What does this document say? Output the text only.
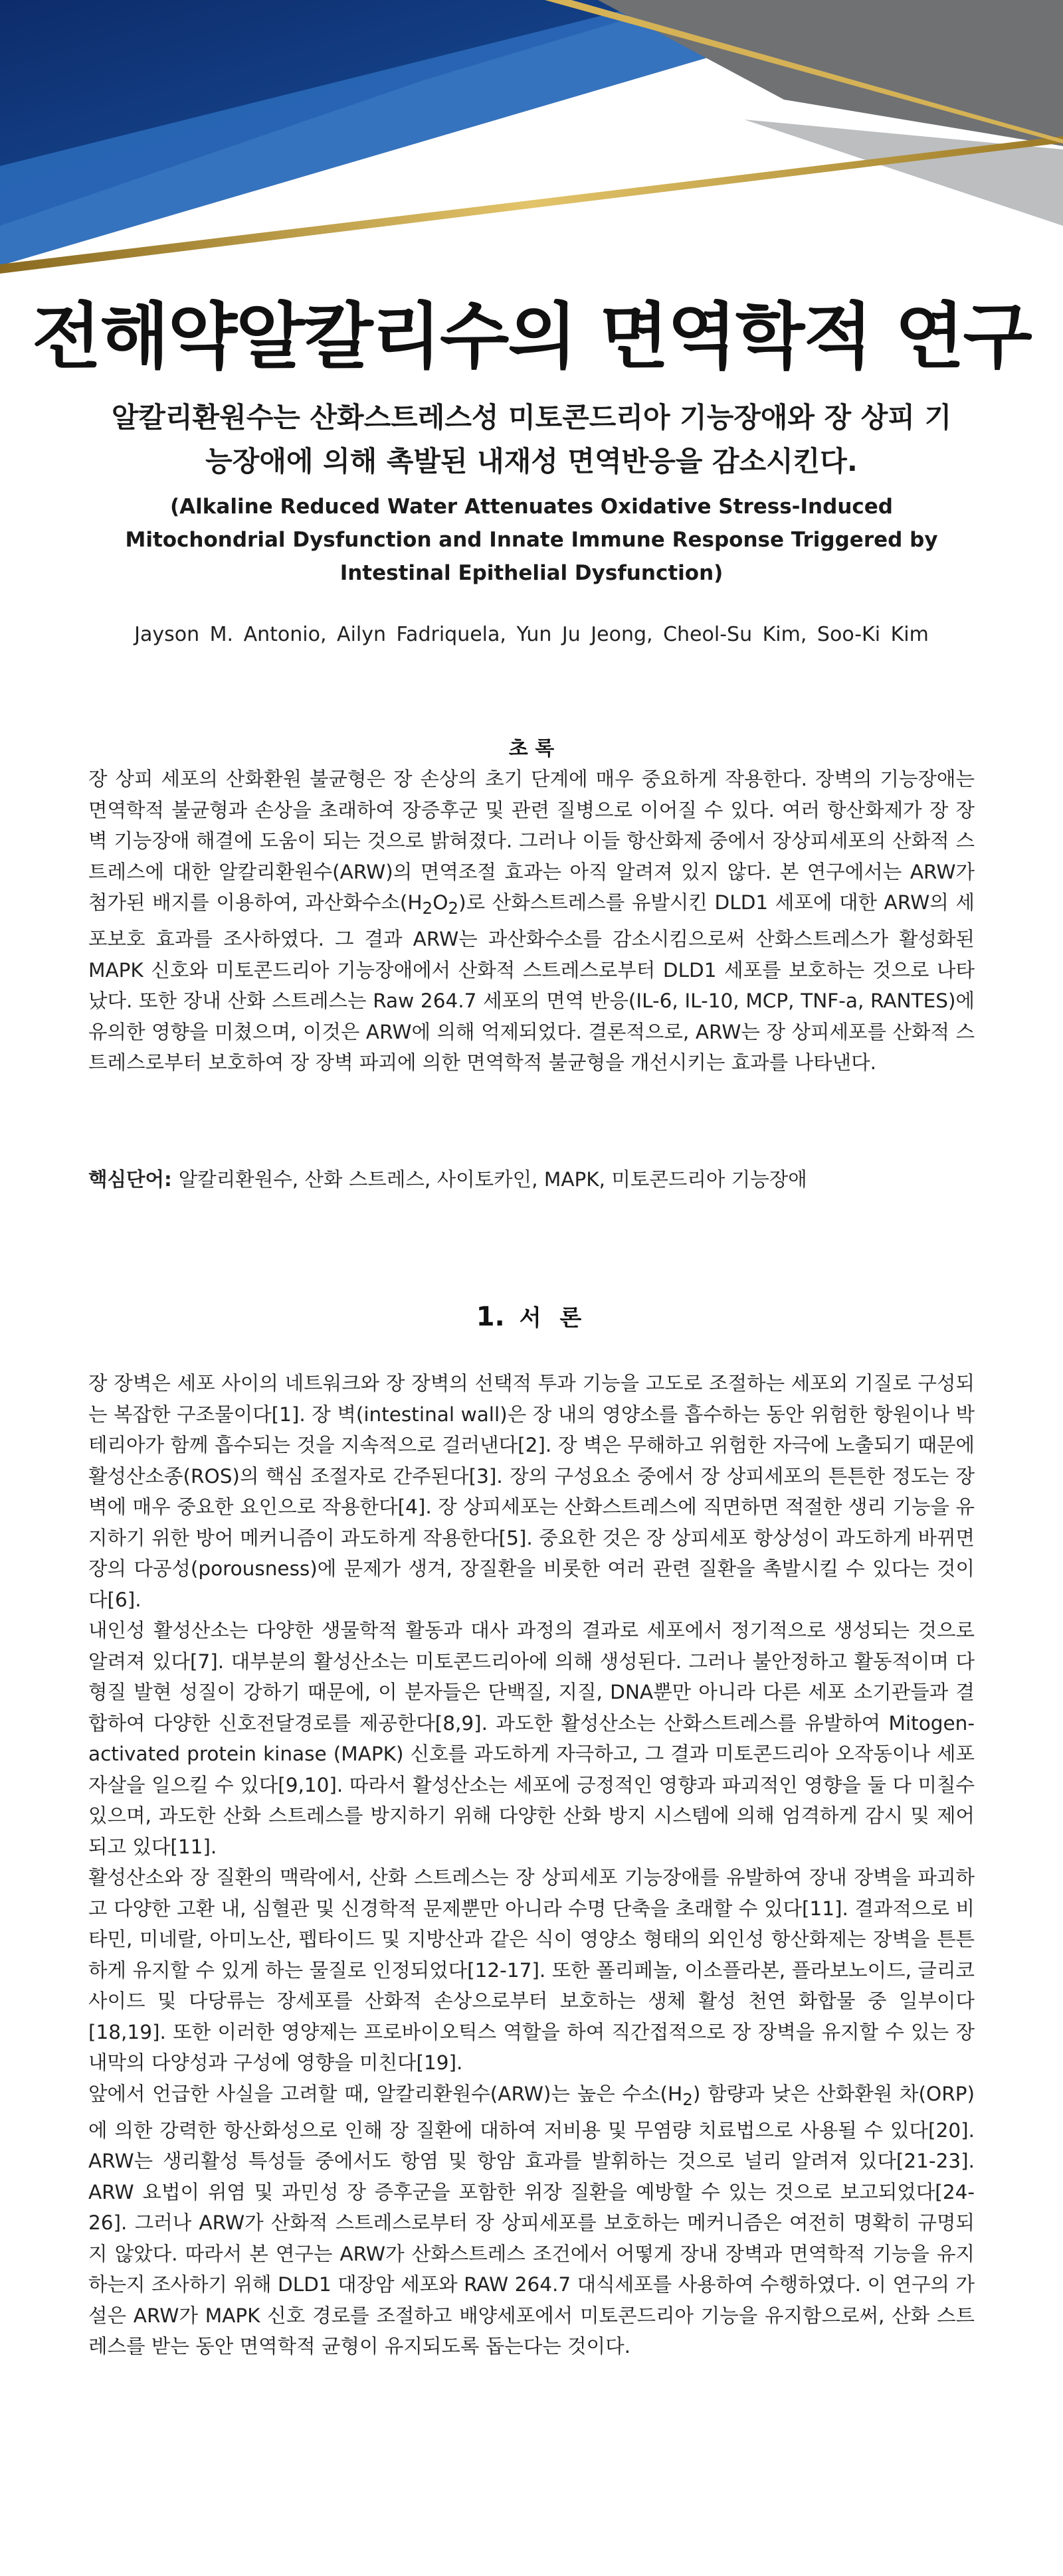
전해약알칼리수의 면역학적 연구
알칼리환원수는 산화스트레스성 미토콘드리아 기능장애와 장 상피 기능장애에 의해 촉발된 내재성 면역반응을 감소시킨다.
(Alkaline Reduced Water Attenuates Oxidative Stress-Induced Mitochondrial Dysfunction and Innate Immune Response Triggered by Intestinal Epithelial Dysfunction)

Jayson M. Antonio, Ailyn Fadriquela, Yun Ju Jeong, Cheol-Su Kim, Soo-Ki Kim

초 록

장 상피 세포의 산화환원 불균형은 장 손상의 초기 단계에 매우 중요하게 작용한다. 장벽의 기능장애는 면역학적 불균형과 손상을 초래하여 장증후군 및 관련 질병으로 이어질 수 있다. 여러 항산화제가 장 장벽 기능장애 해결에 도움이 되는 것으로 밝혀졌다. 그러나 이들 항산화제 중에서 장상피세포의 산화적 스트레스에 대한 알칼리환원수(ARW)의 면역조절 효과는 아직 알려져 있지 않다. 본 연구에서는 ARW가 첨가된 배지를 이용하여, 과산화수소$(H_2O_2)$로 산화스트레스를 유발시킨 DLD1 세포에 대한 ARW의 세포보호 효과를 조사하였다. 그 결과 ARW는 과산화수소를 감소시킴으로써 산화스트레스가 활성화된 MAPK 신호와 미토콘드리아 기능장애에서 산화적 스트레스로부터 DLD1 세포를 보호하는 것으로 나타났다. 또한 장내 산화 스트레스는 Raw 264.7 세포의 면역 반응(IL-6, IL-10, MCP, TNF-a, RANTES)에 유의한 영향을 미쳤으며, 이것은 ARW에 의해 억제되었다. 결론적으로, ARW는 장 상피세포를 산화적 스트레스로부터 보호하여 장 장벽 파괴에 의한 면역학적 불균형을 개선시키는 효과를 나타낸다.

핵심단어: 알칼리환원수, 산화 스트레스, 사이토카인, MAPK, 미토콘드리아 기능장애

1. 서 론

장 장벽은 세포 사이의 네트워크와 장 장벽의 선택적 투과 기능을 고도로 조절하는 세포외 기질로 구성되는 복잡한 구조물이다[1]. 장 벽(intestinal wall)은 장 내의 영양소를 흡수하는 동안 위험한 항원이나 박테리아가 함께 흡수되는 것을 지속적으로 걸러낸다[2]. 장 벽은 무해하고 위험한 자극에 노출되기 때문에 활성산소종(ROS)의 핵심 조절자로 간주된다[3]. 장의 구성요소 중에서 장 상피세포의 튼튼한 정도는 장벽에 매우 중요한 요인으로 작용한다[4]. 장 상피세포는 산화스트레스에 직면하면 적절한 생리 기능을 유지하기 위한 방어 메커니즘이 과도하게 작용한다[5]. 중요한 것은 장 상피세포 항상성이 과도하게 바뀌면 장의 다공성(porousness)에 문제가 생겨, 장질환을 비롯한 여러 관련 질환을 촉발시킬 수 있다는 것이다[6].

내인성 활성산소는 다양한 생물학적 활동과 대사 과정의 결과로 세포에서 정기적으로 생성되는 것으로 알려져 있다[7]. 대부분의 활성산소는 미토콘드리아에 의해 생성된다. 그러나 불안정하고 활동적이며 다형질 발현 성질이 강하기 때문에, 이 분자들은 단백질, 지질, DNA뿐만 아니라 다른 세포 소기관들과 결합하여 다양한 신호전달경로를 제공한다[8,9]. 과도한 활성산소는 산화스트레스를 유발하여 Mitogen-activated protein kinase (MAPK) 신호를 과도하게 자극하고, 그 결과 미토콘드리아 오작동이나 세포자살을 일으킬 수 있다[9,10]. 따라서 활성산소는 세포에 긍정적인 영향과 파괴적인 영향을 둘 다 미칠수 있으며, 과도한 산화 스트레스를 방지하기 위해 다양한 산화 방지 시스템에 의해 엄격하게 감시 및 제어되고 있다[11].

활성산소와 장 질환의 맥락에서, 산화 스트레스는 장 상피세포 기능장애를 유발하여 장내 장벽을 파괴하고 다양한 고환 내, 심혈관 및 신경학적 문제뿐만 아니라 수명 단축을 초래할 수 있다[11]. 결과적으로 비타민, 미네랄, 아미노산, 펩타이드 및 지방산과 같은 식이 영양소 형태의 외인성 항산화제는 장벽을 튼튼하게 유지할 수 있게 하는 물질로 인정되었다[12-17]. 또한 폴리페놀, 이소플라본, 플라보노이드, 글리코사이드 및 다당류는 장세포를 산화적 손상으로부터 보호하는 생체 활성 천연 화합물 중 일부이다[18,19]. 또한 이러한 영양제는 프로바이오틱스 역할을 하여 직간접적으로 장 장벽을 유지할 수 있는 장 내막의 다양성과 구성에 영향을 미친다[19].

앞에서 언급한 사실을 고려할 때, 알칼리환원수(ARW)는 높은 수소$(H_2)$ 함량과 낮은 산화환원 차(ORP)에 의한 강력한 항산화성으로 인해 장 질환에 대하여 저비용 및 무염량 치료법으로 사용될 수 있다[20]. ARW는 생리활성 특성들 중에서도 항염 및 항암 효과를 발휘하는 것으로 널리 알려져 있다[21-23]. ARW 요법이 위염 및 과민성 장 증후군을 포함한 위장 질환을 예방할 수 있는 것으로 보고되었다[24-26]. 그러나 ARW가 산화적 스트레스로부터 장 상피세포를 보호하는 메커니즘은 여전히 명확히 규명되지 않았다. 따라서 본 연구는 ARW가 산화스트레스 조건에서 어떻게 장내 장벽과 면역학적 기능을 유지하는지 조사하기 위해 DLD1 대장암 세포와 RAW 264.7 대식세포를 사용하여 수행하였다. 이 연구의 가설은 ARW가 MAPK 신호 경로를 조절하고 배양세포에서 미토콘드리아 기능을 유지함으로써, 산화 스트레스를 받는 동안 면역학적 균형이 유지되도록 돕는다는 것이다.
